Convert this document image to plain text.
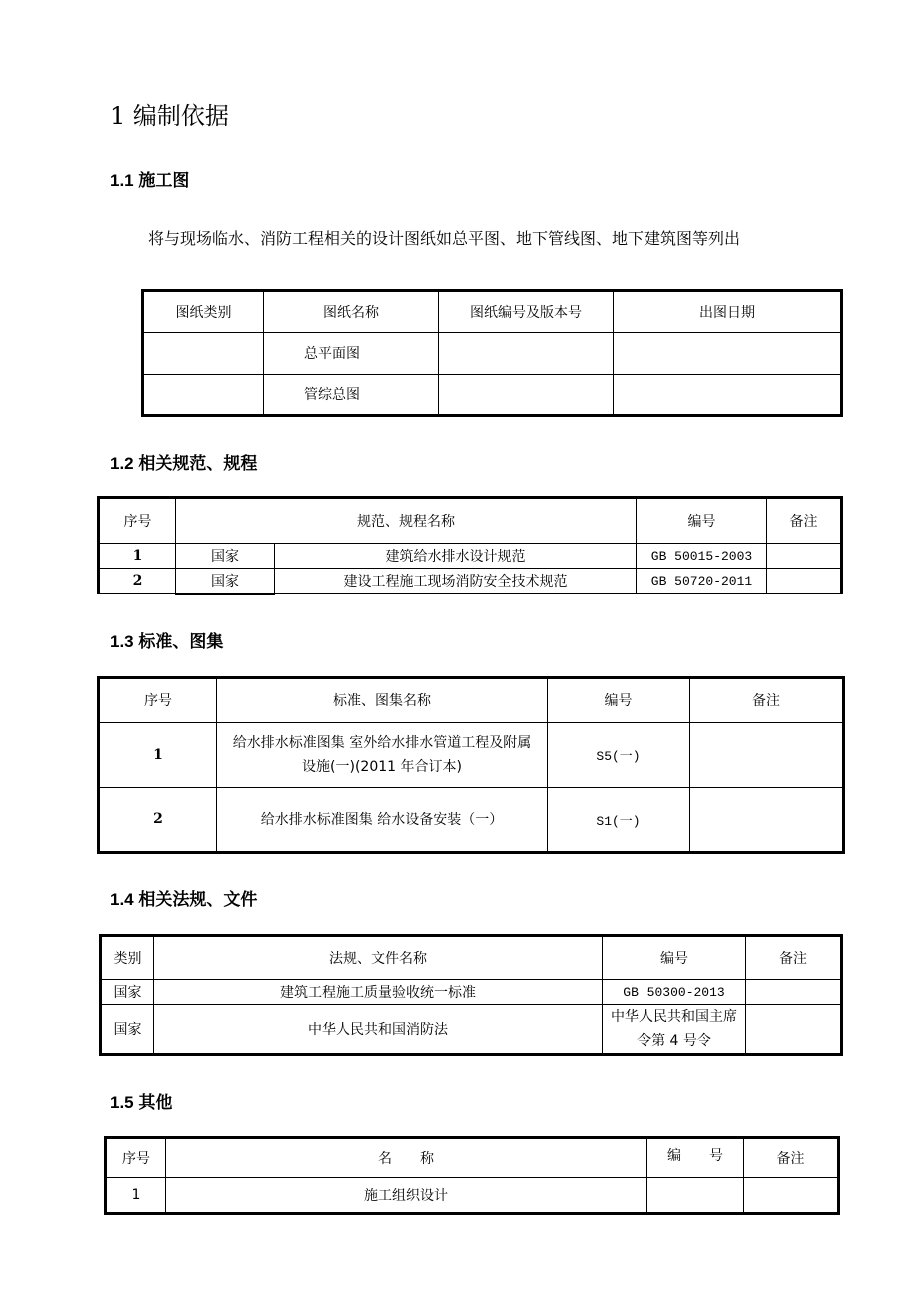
1 编制依据
1.1 施工图
将与现场临水、消防工程相关的设计图纸如总平图、地下管线图、地下建筑图等列出
图纸类别	图纸名称	图纸编号及版本号	出图日期
	总平面图		
	管综总图		
1.2 相关规范、规程
序号	规范、规程名称		编号	备注
1	国家	建筑给水排水设计规范	GB 50015-2003	
2	国家	建设工程施工现场消防安全技术规范	GB 50720-2011	
1.3 标准、图集
序号	标准、图集名称	编号	备注
1	给水排水标准图集 室外给水排水管道工程及附属设施(一)(2011 年合订本)	S5(一)	
2	给水排水标准图集 给水设备安装（一）	S1(一)	
1.4 相关法规、文件
类别	法规、文件名称	编号	备注
国家	建筑工程施工质量验收统一标准	GB 50300-2013	
国家	中华人民共和国消防法	中华人民共和国主席令第 4 号令	
1.5 其他
序号	名　　称	编　　号	备注
1	施工组织设计		
